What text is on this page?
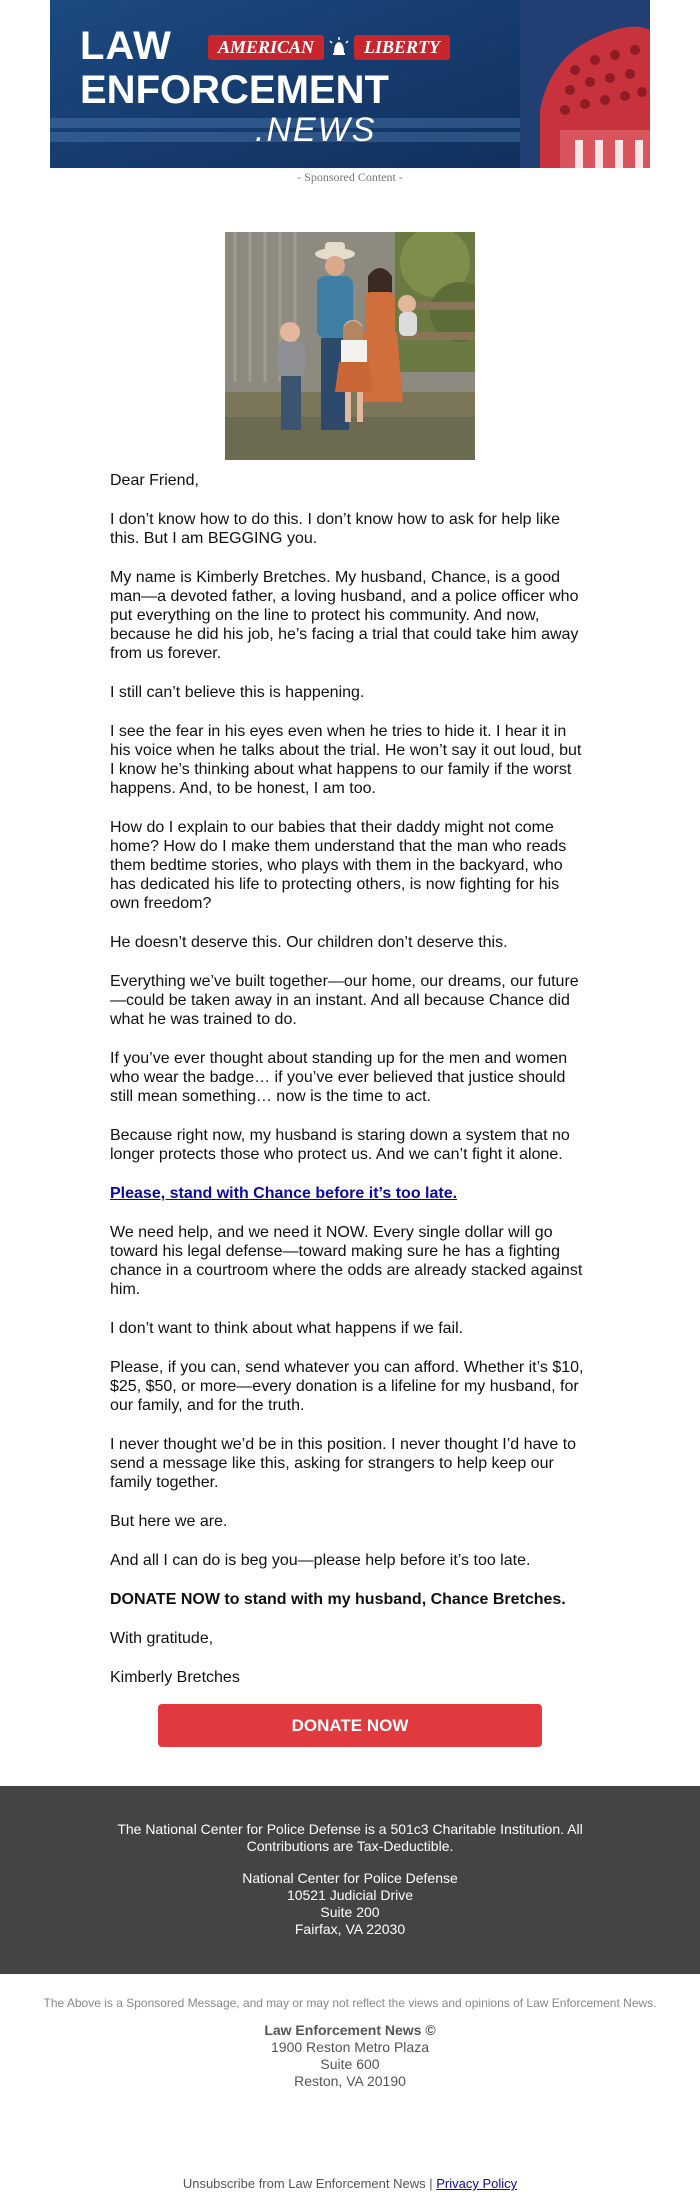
LAW	AMERICAN	LIBERTY
ENFORCEMENT
.NEWS
- Sponsored Content -

Dear Friend,

I don’t know how to do this. I don’t know how to ask for help like this. But I am BEGGING you.

My name is Kimberly Bretches. My husband, Chance, is a good man—a devoted father, a loving husband, and a police officer who put everything on the line to protect his community. And now, because he did his job, he’s facing a trial that could take him away from us forever.

I still can’t believe this is happening.

I see the fear in his eyes even when he tries to hide it. I hear it in his voice when he talks about the trial. He won’t say it out loud, but I know he’s thinking about what happens to our family if the worst happens. And, to be honest, I am too.

How do I explain to our babies that their daddy might not come home? How do I make them understand that the man who reads them bedtime stories, who plays with them in the backyard, who has dedicated his life to protecting others, is now fighting for his own freedom?

He doesn’t deserve this. Our children don’t deserve this.

Everything we’ve built together—our home, our dreams, our future—could be taken away in an instant. And all because Chance did what he was trained to do.

If you’ve ever thought about standing up for the men and women who wear the badge… if you’ve ever believed that justice should still mean something… now is the time to act.

Because right now, my husband is staring down a system that no longer protects those who protect us. And we can’t fight it alone.

Please, stand with Chance before it’s too late.

We need help, and we need it NOW. Every single dollar will go toward his legal defense—toward making sure he has a fighting chance in a courtroom where the odds are already stacked against him.

I don’t want to think about what happens if we fail.

Please, if you can, send whatever you can afford. Whether it’s $10, $25, $50, or more—every donation is a lifeline for my husband, for our family, and for the truth.

I never thought we’d be in this position. I never thought I’d have to send a message like this, asking for strangers to help keep our family together.

But here we are.

And all I can do is beg you—please help before it’s too late.

DONATE NOW to stand with my husband, Chance Bretches.

With gratitude,

Kimberly Bretches

DONATE NOW
The National Center for Police Defense is a 501c3 Charitable Institution. All Contributions are Tax-Deductible.
National Center for Police Defense
10521 Judicial Drive
Suite 200
Fairfax, VA 22030
The Above is a Sponsored Message, and may or may not reflect the views and opinions of Law Enforcement News.
Law Enforcement News ©
1900 Reston Metro Plaza
Suite 600
Reston, VA 20190
Unsubscribe from Law Enforcement News | Privacy Policy
